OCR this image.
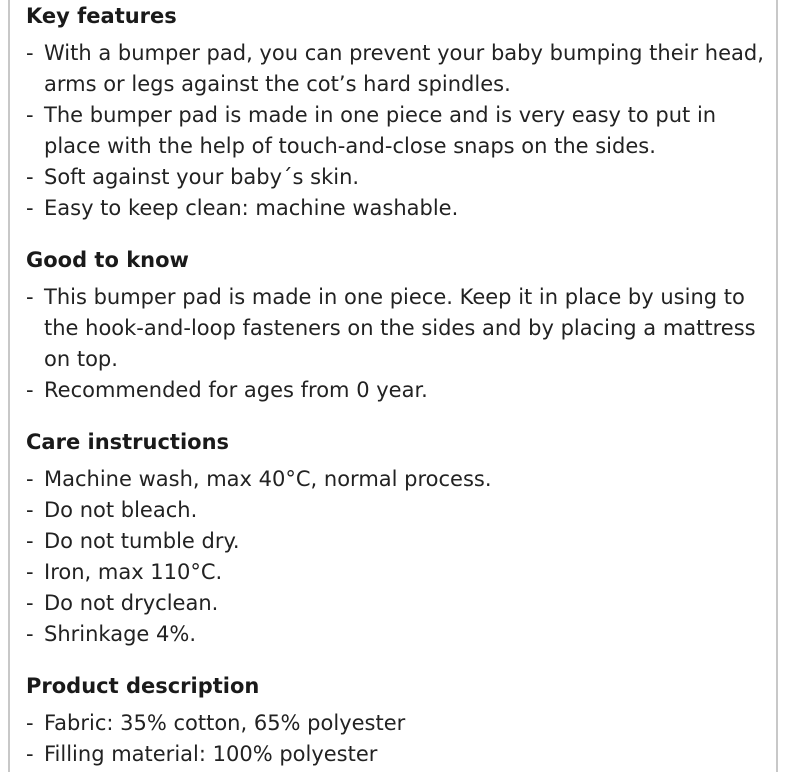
Key features
- With a bumper pad, you can prevent your baby bumping their head, arms or legs against the cot’s hard spindles.
- The bumper pad is made in one piece and is very easy to put in place with the help of touch-and-close snaps on the sides.
- Soft against your baby´s skin.
- Easy to keep clean: machine washable.
Good to know
- This bumper pad is made in one piece. Keep it in place by using to the hook-and-loop fasteners on the sides and by placing a mattress on top.
- Recommended for ages from 0 year.
Care instructions
- Machine wash, max 40°C, normal process.
- Do not bleach.
- Do not tumble dry.
- Iron, max 110°C.
- Do not dryclean.
- Shrinkage 4%.
Product description
- Fabric: 35% cotton, 65% polyester
- Filling material: 100% polyester
